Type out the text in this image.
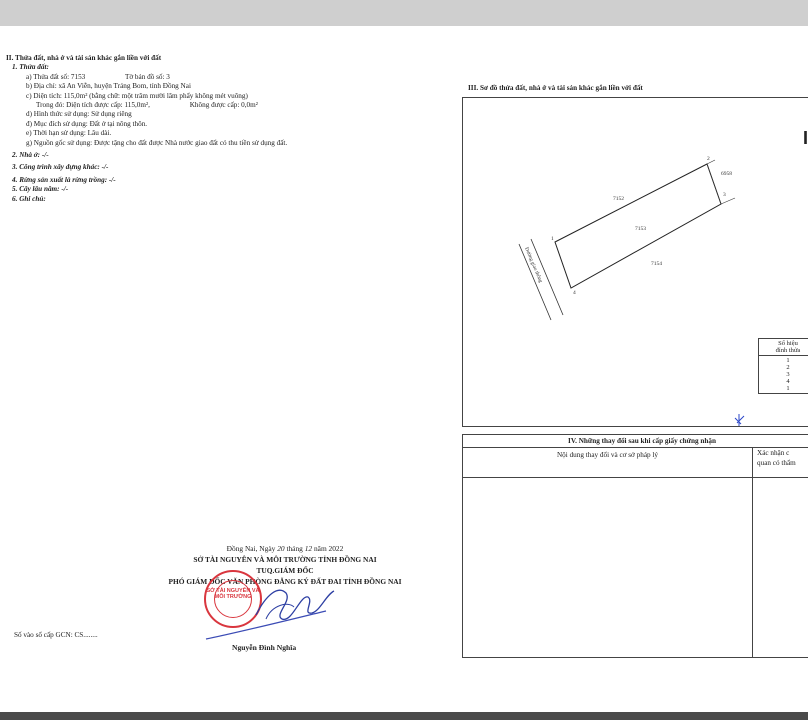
II. Thửa đất, nhà ở và tài sản khác gắn liền với đất
1. Thửa đất:
a) Thửa đất số: 7153	Tờ bản đồ số: 3
b) Địa chỉ: xã An Viễn, huyện Trảng Bom, tỉnh Đồng Nai
c) Diện tích: 115,0m² (bằng chữ: một trăm mười lăm phẩy không mét vuông)
Trong đó: Diện tích được cấp: 115,0m²,	Không được cấp: 0,0m²
d) Hình thức sử dụng: Sử dụng riêng
đ) Mục đích sử dụng: Đất ở tại nông thôn.
e) Thời hạn sử dụng: Lâu dài.
g) Nguồn gốc sử dụng: Được tặng cho đất được Nhà nước giao đất có thu tiền sử dụng đất.
2. Nhà ở: -/-
3. Công trình xây dựng khác: -/-
4. Rừng sản xuất là rừng trồng: -/-
5. Cây lâu năm: -/-
6. Ghi chú:
III. Sơ đồ thửa đất, nhà ở và tài sản khác gắn liền với đất
1
2
3
4
7152
7153
7154
6958
Đường giao thông
I
Số hiệu
đỉnh thửa
1
2
3
4
1
IV. Những thay đổi sau khi cấp giấy chứng nhận
Nội dung thay đổi và cơ sở pháp lý	Xác nhận c
quan có thẩm
Đồng Nai, Ngày 20 tháng 12 năm 2022
SỞ TÀI NGUYÊN VÀ MÔI TRƯỜNG TỈNH ĐỒNG NAI
TUQ.GIÁM ĐỐC
PHÓ GIÁM ĐỐC VĂN PHÒNG ĐĂNG KÝ ĐẤT ĐAI TỈNH ĐỒNG NAI
SỞ TÀI NGUYÊN VÀ MÔI TRƯỜNG
Số vào sổ cấp GCN: CS........
Nguyễn Đình Nghĩa
